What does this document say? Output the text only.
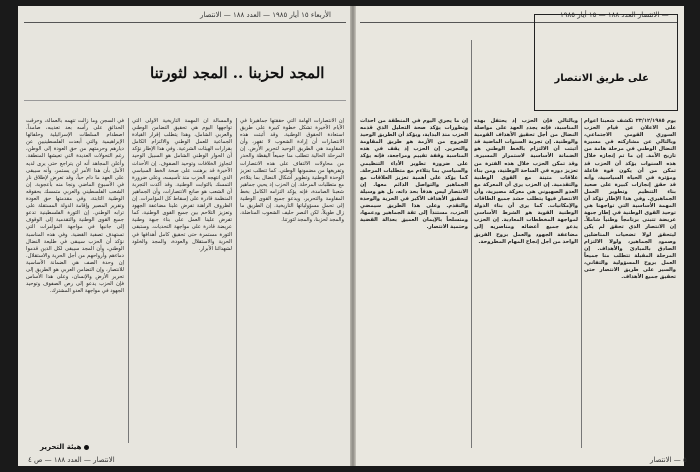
الأربعاء ١٥ أيار ١٩٨٥ — العدد ١٨٨ — الانتصار
المجد لحزبنا .. المجد لثورتنا
في السجن وما زالت تتهمه بالعمالة، وحرقت الحدائق على رأسه بعد تعذيبه، صامداً. اصطدام السلطات الإسرائيلية وحلفائها الإبراهيمية والتي أبعدت الفلسطينيين عن ديارهم وحرمتهم من حق العودة إلى الوطن، رغم التحولات العديدة التي تعيشها المنطقة. وأعلن المجاهد أنه لن يتراجع حتى يرى لديه الأمل بأن هذا الأمر لن يستمر، وأنه سيبقى على العهد ما دام حياً، وقد تعرض لإطلاق نار في الأسبوع الماضي ونجا منه بأعجوبة. إن الشعب الفلسطيني والعربي متمسك بحقوقه الوطنية الثابتة، وفي مقدمتها حق العودة وتقرير المصير وإقامة الدولة المستقلة على ترابه الوطني. إن الثورة الفلسطينية تدعو جميع القوى الوطنية والتقدمية إلى الوقوف إلى جانبها في مواجهة المؤامرات التي تستهدف تصفية القضية. وفي هذه المناسبة نؤكد أن الحزب سيبقى في طليعة النضال الوطني، وأن المجد سيبقى لكل الذين قدموا دماءهم وأرواحهم من أجل الحرية والاستقلال. إن وحدة الصف هي الضمانة الأساسية للانتصار، وإن التضامن العربي هو الطريق إلى تحرير الأرض والإنسان، وعلى هذا الأساس فإن الحزب يدعو إلى رص الصفوف وتوحيد الجهود في مواجهة العدو المشترك.
والمسألة أن المهمة التاريخية الأولى التي تواجهها اليوم هي تحقيق التضامن الوطني والعربي الشامل، وهذا يتطلب إقرار القيادة الجماعية للعمل الوطني والالتزام الكامل بقرارات الهيئات الشرعية. وفي هذا الإطار نؤكد أن الحوار الوطني الشامل هو السبيل الوحيد لتجاوز الخلافات وتوحيد الصفوف. إن الأحداث الأخيرة قد برهنت على صحة الخط السياسي الذي انتهجه الحزب منذ تأسيسه، وعلى ضرورة التمسك بالثوابت الوطنية. وقد أكدت التجربة أن الشعب هو صانع الانتصارات، وأن الجماهير المنظمة قادرة على إسقاط كل المؤامرات. إن الظروف الراهنة تفرض علينا مضاعفة الجهود وتعزيز التلاحم بين جميع القوى الوطنية، كما تفرض علينا العمل على بناء جبهة وطنية عريضة قادرة على مواجهة التحديات. وستبقى الثورة مستمرة حتى تحقيق كامل أهدافها في الحرية والاستقلال والعودة، والمجد والخلود لشهدائنا الأبرار.
إن الانتصارات الهامة التي حققتها جماهيرنا في الأيام الأخيرة تشكل خطوة كبيرة على طريق استعادة الحقوق الوطنية. وقد أثبتت هذه الانتصارات أن إرادة الشعوب لا تقهر، وأن المقاومة هي الطريق الوحيد لتحرير الأرض. إن المرحلة الحالية تتطلب منا جميعاً اليقظة والحذر من محاولات الالتفاف على هذه الانتصارات وتفريغها من مضمونها الوطني. كما تتطلب تعزيز الوحدة الوطنية وتطوير أشكال النضال بما يتلاءم مع متطلبات المرحلة. إن الحزب إذ يحيي جماهير شعبنا الصامدة، فإنه يؤكد التزامه الكامل بخط المقاومة والتحرير، ويدعو جميع القوى الوطنية إلى تحمل مسؤولياتها التاريخية. إن الطريق ما زال طويلاً، لكن النصر حليف الشعوب المناضلة، والمجد لحزبنا، والمجد لثورتنا.
هيئة التحرير
الانتصار — العدد ١٨٨ — ص ٤
— الانتصار العدد ١٨٨ — ١٥ أيار ١٩٨٥
على طريق الانتصار
إن ما يجري اليوم في المنطقة من أحداث وتطورات يؤكد صحة التحليل الذي قدمه الحزب منذ البداية، ويؤكد أن الطريق الوحيد للخروج من الأزمة هو طريق المقاومة والتحرير. إن الحزب إذ يقف في هذه المناسبة وقفة تقييم ومراجعة، فإنه يؤكد على ضرورة تطوير الأداء التنظيمي والسياسي بما يتلاءم مع متطلبات المرحلة. كما يؤكد على أهمية تعزيز العلاقات مع الجماهير والتواصل الدائم معها. إن الانتصار ليس هدفاً بحد ذاته، بل هو وسيلة لتحقيق الأهداف الأكبر في الحرية والوحدة والتقدم. وعلى هذا الطريق سيمضي الحزب، مستنداً إلى ثقة الجماهير ودعمها، ومتسلحاً بالإيمان العميق بعدالة القضية وحتمية الانتصار.
وبالتالي فإن الحزب إذ يحتفل بهذه المناسبة، فإنه يجدد العهد على مواصلة النضال من أجل تحقيق الأهداف القومية والوطنية. إن تجربة السنوات الماضية قد أثبتت أن الالتزام بالخط الوطني هو الضمانة الأساسية لاستمرار المسيرة. وقد تمكن الحزب خلال هذه الفترة من تعزيز دوره في الساحة الوطنية، ومن بناء علاقات متينة مع القوى الوطنية والتقدمية. إن الحزب يرى أن المعركة مع العدو الصهيوني هي معركة مصيرية، وأن الانتصار فيها يتطلب حشد جميع الطاقات والإمكانيات. كما يرى أن بناء الدولة الوطنية القوية هو الشرط الأساسي لمواجهة المخططات المعادية. إن الحزب يدعو جميع أعضائه ومناصريه إلى مضاعفة الجهود والعمل بروح الفريق الواحد من أجل إنجاح المهام المطروحة.
يوم ٢٣/١٢/١٩٨٥ تكشف شعبنا أعوام على الاعلان عن قيام الحزب السوري القومي الاجتماعي، وبالتالي عن مشاركته في مسيرة النضال الوطني في مرحلة هامة من تاريخ الأمة. إن ما تم إنجازه خلال هذه السنوات يؤكد أن الحزب قد تمكن من أن يكون قوة فاعلة ومؤثرة في الحياة السياسية، وأنه قد حقق إنجازات كبيرة على صعيد بناء التنظيم وتطوير العمل الجماهيري. وفي هذا الإطار نؤكد أن المهمة الأساسية التي تواجهنا هي توحيد القوى الوطنية في إطار جبهة عريضة تتبنى برنامجاً وطنياً شاملاً. إن الانتصار الذي تحقق لم يكن ليتحقق لولا تضحيات المناضلين وصمود الجماهير، ولولا الالتزام الصادق بالمبادئ والأهداف. إن المرحلة المقبلة تتطلب منا جميعاً العمل بروح المسؤولية والتفاني، والسير على طريق الانتصار حتى تحقيق جميع الأهداف.
٥ — الانتصار
